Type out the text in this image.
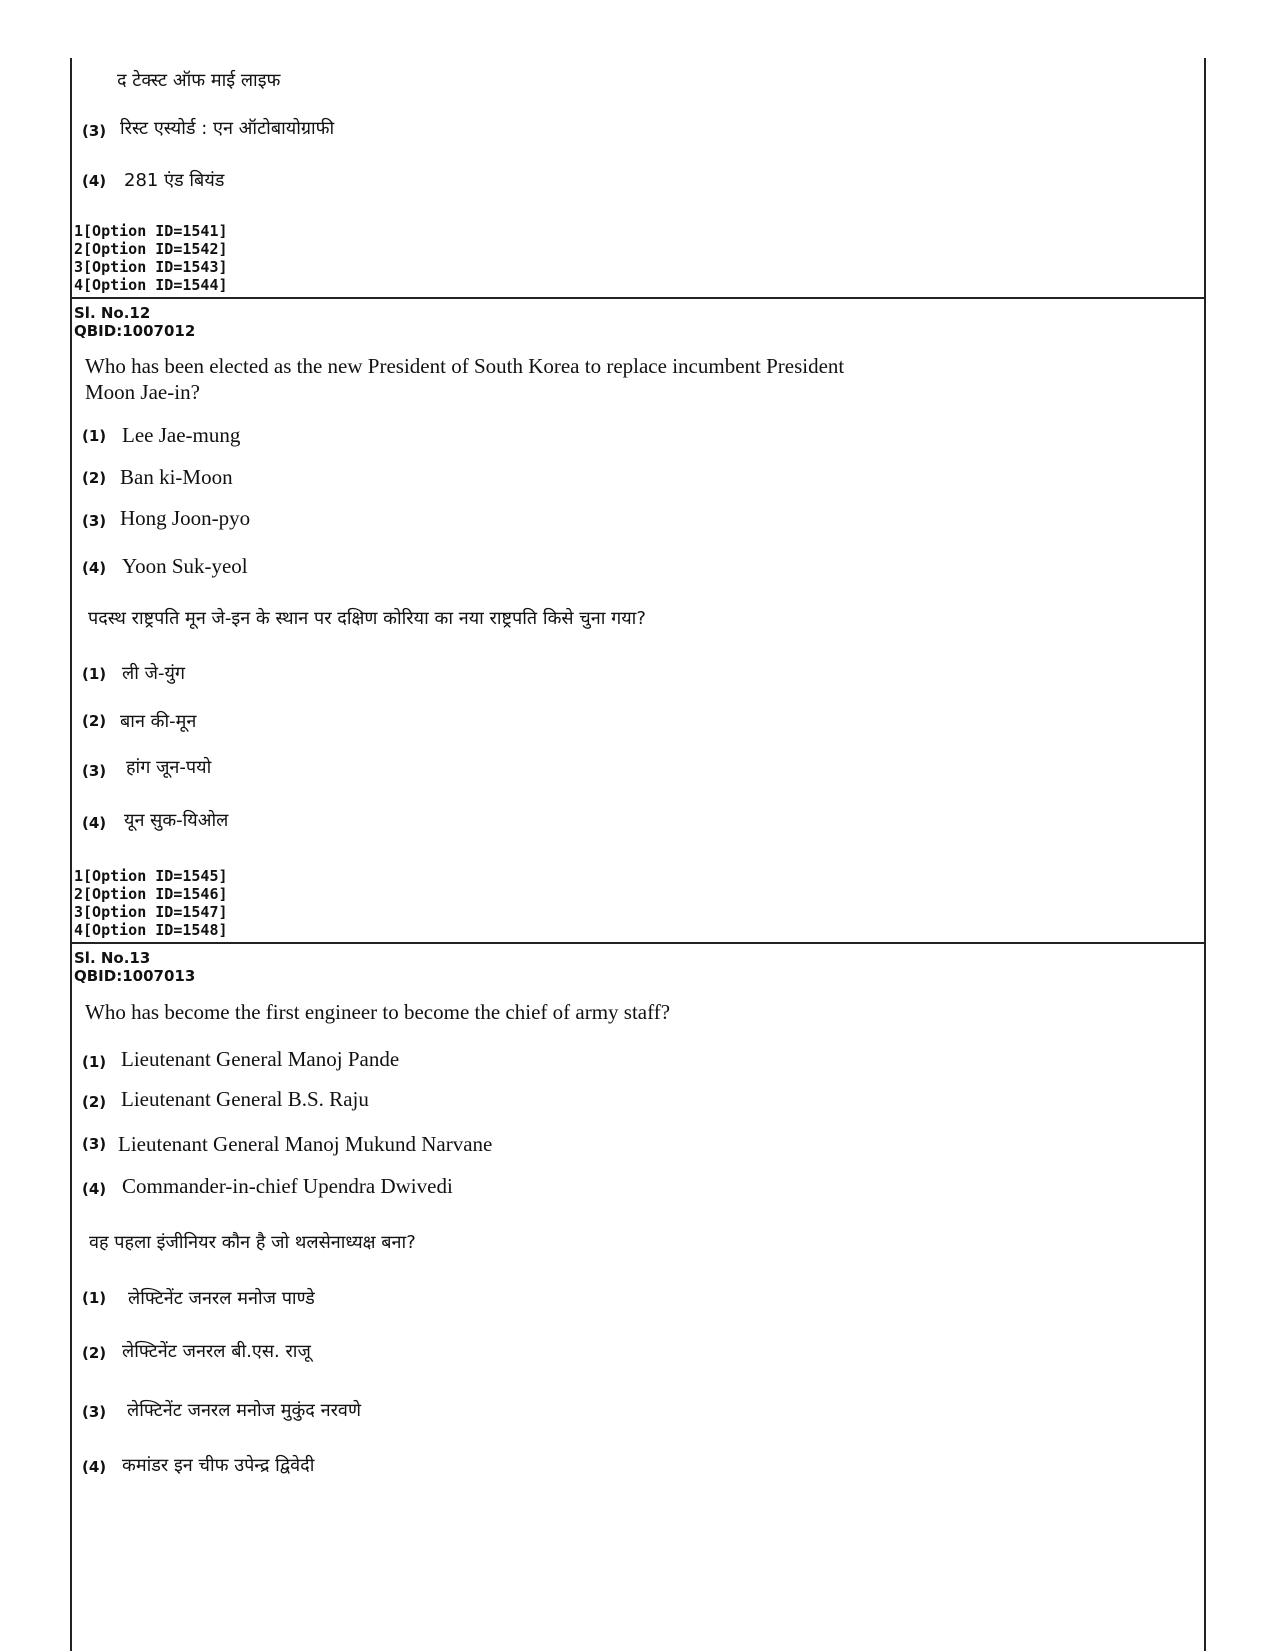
द टेक्स्ट ऑफ माई लाइफ
(3) रिस्ट एस्योर्ड : एन ऑटोबायोग्राफी
(4) 281 एंड बियंड
1[Option ID=1541]
2[Option ID=1542]
3[Option ID=1543]
4[Option ID=1544]
Sl. No.12
QBID:1007012
Who has been elected as the new President of South Korea to replace incumbent President
Moon Jae-in?
(1) Lee Jae-mung
(2) Ban ki-Moon
(3) Hong Joon-pyo
(4) Yoon Suk-yeol
पदस्थ राष्ट्रपति मून जे-इन के स्थान पर दक्षिण कोरिया का नया राष्ट्रपति किसे चुना गया?
(1) ली जे-युंग
(2) बान की-मून
(3) हांग जून-पयो
(4) यून सुक-यिओल
1[Option ID=1545]
2[Option ID=1546]
3[Option ID=1547]
4[Option ID=1548]
Sl. No.13
QBID:1007013
Who has become the first engineer to become the chief of army staff?
(1) Lieutenant General Manoj Pande
(2) Lieutenant General B.S. Raju
(3) Lieutenant General Manoj Mukund Narvane
(4) Commander-in-chief Upendra Dwivedi
वह पहला इंजीनियर कौन है जो थलसेनाध्यक्ष बना?
(1) लेफ्टिनेंट जनरल मनोज पाण्डे
(2) लेफ्टिनेंट जनरल बी.एस. राजू
(3) लेफ्टिनेंट जनरल मनोज मुकुंद नरवणे
(4) कमांडर इन चीफ उपेन्द्र द्विवेदी
